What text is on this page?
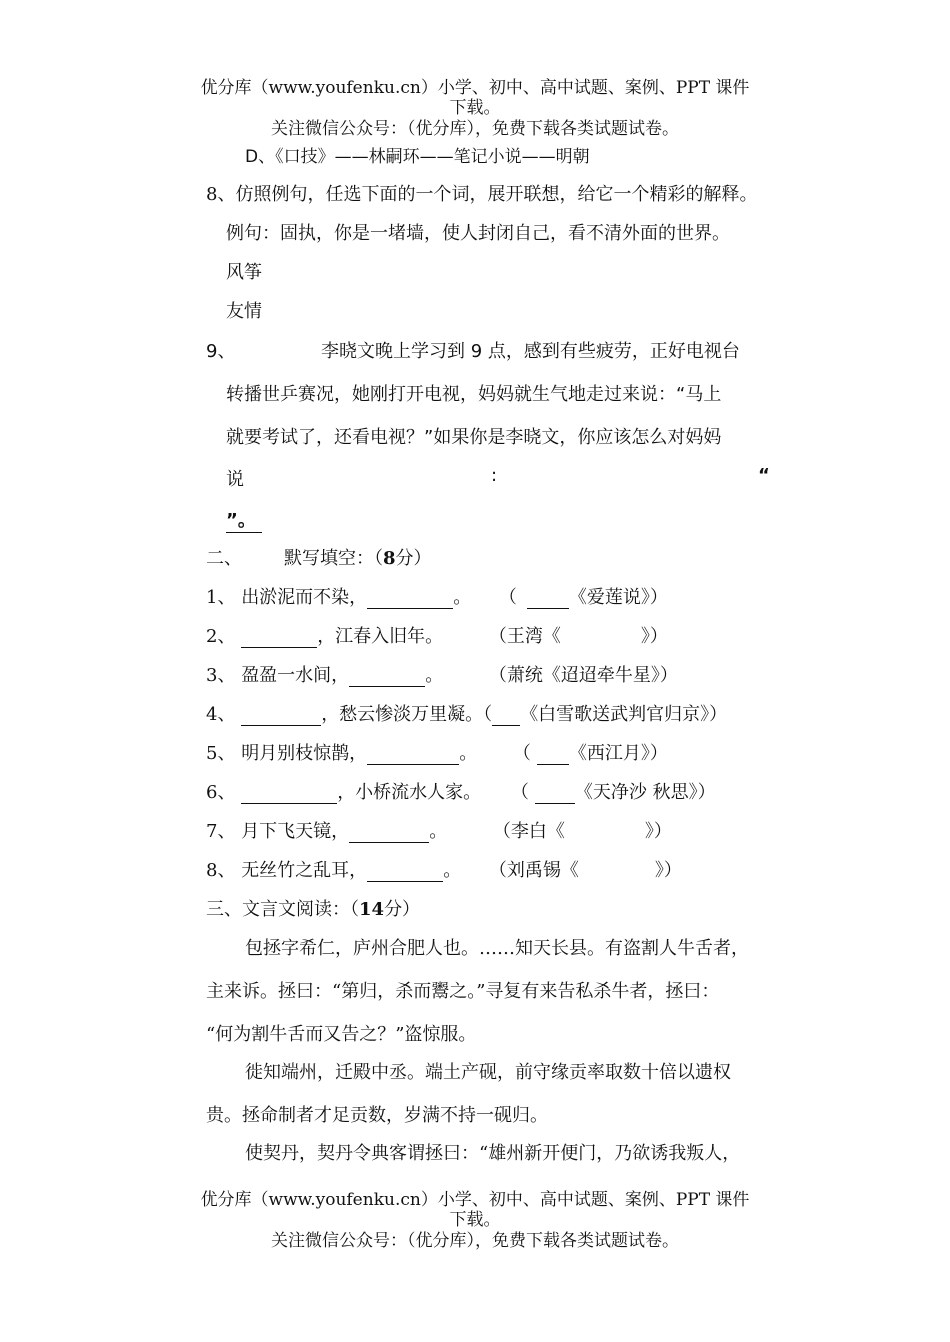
优分库（www.youfenku.cn）小学、初中、高中试题、案例、PPT 课件
下载。
关注微信公众号：（优分库），免费下载各类试题试卷。
D、《口技》——林嗣环——笔记小说——明朝
8、仿照例句，任选下面的一个词，展开联想，给它一个精彩的解释。
例句：固执，你是一堵墙，使人封闭自己，看不清外面的世界。
风筝
友情
9、	李晓文晚上学习到 9 点，感到有些疲劳，正好电视台
转播世乒赛况，她刚打开电视，妈妈就生气地走过来说：“马上
就要考试了，还看电视？”如果你是李晓文，你应该怎么对妈妈
说	:	“
”。
二、 默写填空：（8分）
1、 出淤泥而不染，	。 （	《爱莲说》）
2、	，江春入旧年。	（王湾《	》）
3、 盈盈一水间，	。	（萧统《迢迢牵牛星》）
4、	，愁云惨淡万里凝。（ 《白雪歌送武判官归京》）
5、 明月别枝惊鹊，	。 （ 《西江月》）
6、	，小桥流水人家。 （	《天净沙 秋思》）
7、 月下飞天镜，	。	（李白《	》）
8、 无丝竹之乱耳，	。 （刘禹锡《	》）
三、文言文阅读：（14分）
包拯字希仁，庐州合肥人也。……知天长县。有盗割人牛舌者，
主来诉。拯曰：“第归，杀而鬻之。”寻复有来告私杀牛者，拯曰：
“何为割牛舌而又告之？”盗惊服。
徙知端州，迁殿中丞。端土产砚，前守缘贡率取数十倍以遗权
贵。拯命制者才足贡数，岁满不持一砚归。
使契丹，契丹令典客谓拯曰：“雄州新开便门，乃欲诱我叛人，
优分库（www.youfenku.cn）小学、初中、高中试题、案例、PPT 课件
下载。
关注微信公众号：（优分库），免费下载各类试题试卷。
